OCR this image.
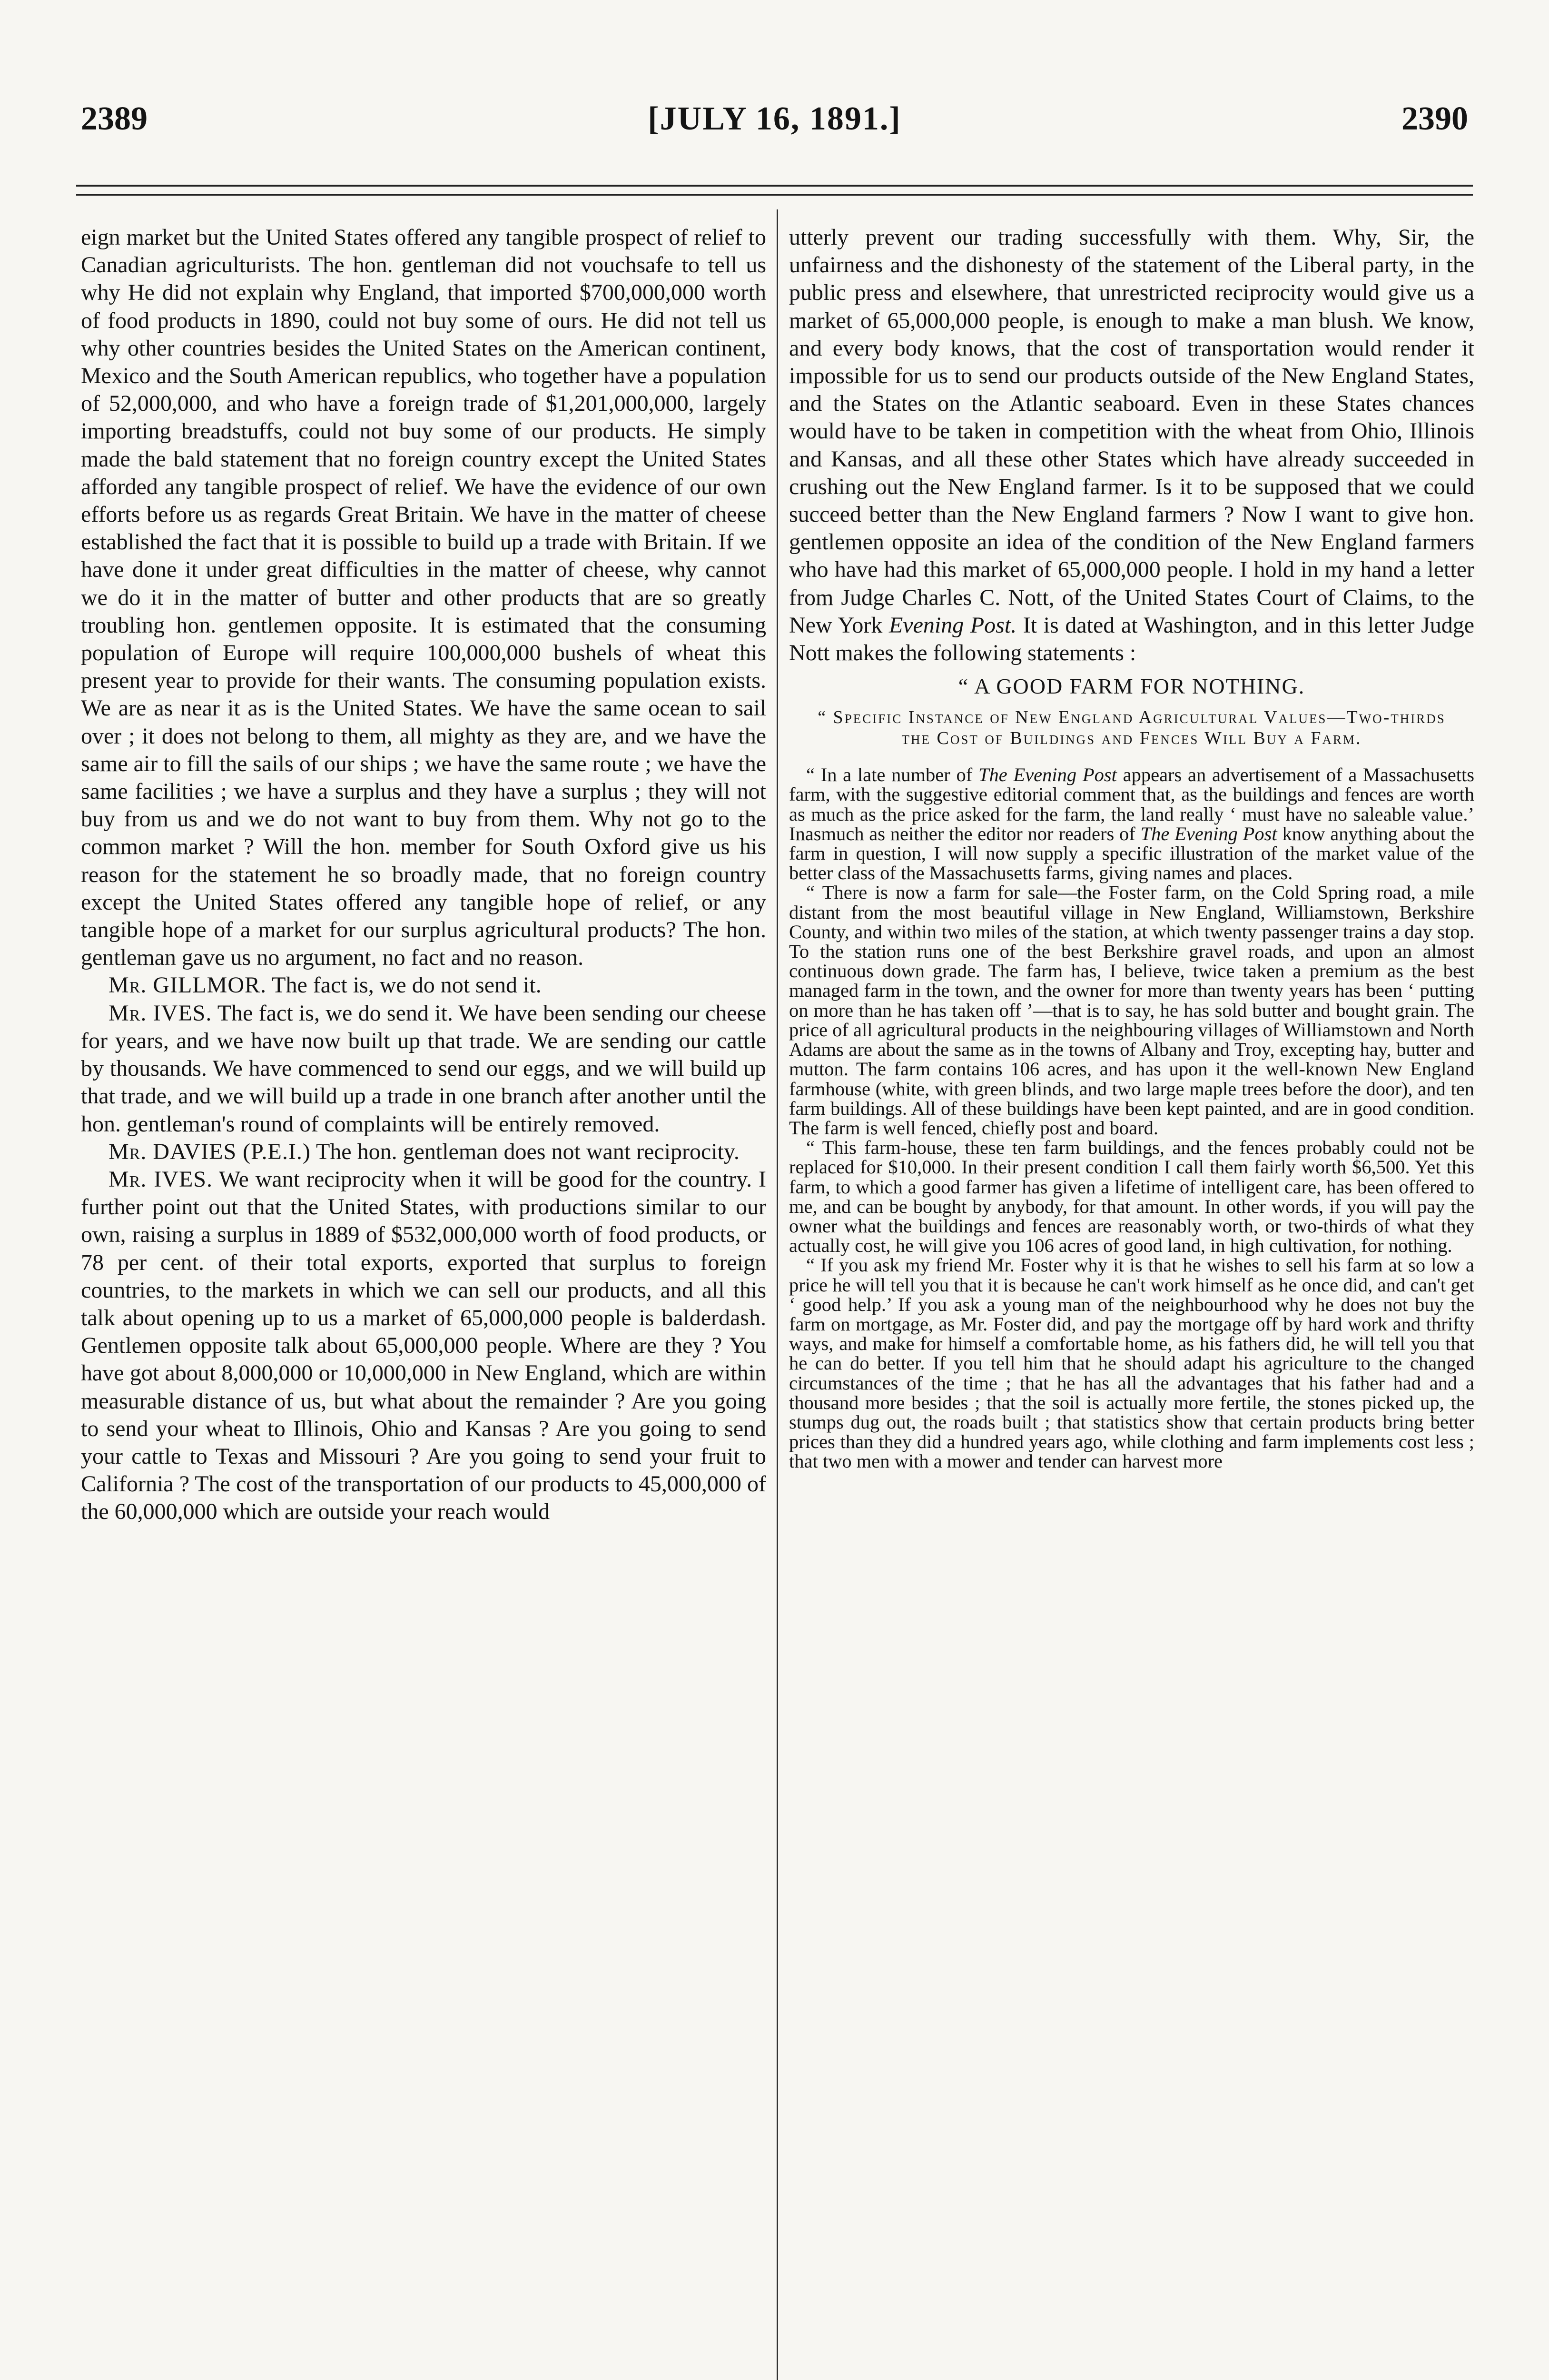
[JULY 16, 1891.]
2389	2390

eign market but the United States offered any tangible prospect of relief to Canadian agriculturists. The hon. gentleman did not vouchsafe to tell us why He did not explain why England, that imported $700,000,000 worth of food products in 1890, could not buy some of ours. He did not tell us why other countries besides the United States on the American continent, Mexico and the South American republics, who together have a population of 52,000,000, and who have a foreign trade of $1,201,000,000, largely importing breadstuffs, could not buy some of our products. He simply made the bald statement that no foreign country except the United States afforded any tangible prospect of relief. We have the evidence of our own efforts before us as regards Great Britain. We have in the matter of cheese established the fact that it is possible to build up a trade with Britain. If we have done it under great difficulties in the matter of cheese, why cannot we do it in the matter of butter and other products that are so greatly troubling hon. gentlemen opposite. It is estimated that the consuming population of Europe will require 100,000,000 bushels of wheat this present year to provide for their wants. The consuming population exists. We are as near it as is the United States. We have the same ocean to sail over ; it does not belong to them, all mighty as they are, and we have the same air to fill the sails of our ships ; we have the same route ; we have the same facilities ; we have a surplus and they have a surplus ; they will not buy from us and we do not want to buy from them. Why not go to the common market ? Will the hon. member for South Oxford give us his reason for the statement he so broadly made, that no foreign country except the United States offered any tangible hope of relief, or any tangible hope of a market for our surplus agricultural products? The hon. gentleman gave us no argument, no fact and no reason.

Mr. GILLMOR. The fact is, we do not send it.

Mr. IVES. The fact is, we do send it. We have been sending our cheese for years, and we have now built up that trade. We are sending our cattle by thousands. We have commenced to send our eggs, and we will build up that trade, and we will build up a trade in one branch after another until the hon. gentleman's round of complaints will be entirely removed.

Mr. DAVIES (P.E.I.) The hon. gentleman does not want reciprocity.

Mr. IVES. We want reciprocity when it will be good for the country. I further point out that the United States, with productions similar to our own, raising a surplus in 1889 of $532,000,000 worth of food products, or 78 per cent. of their total exports, exported that surplus to foreign countries, to the markets in which we can sell our products, and all this talk about opening up to us a market of 65,000,000 people is balderdash. Gentlemen opposite talk about 65,000,000 people. Where are they ? You have got about 8,000,000 or 10,000,000 in New England, which are within measurable distance of us, but what about the remainder ? Are you going to send your wheat to Illinois, Ohio and Kansas ? Are you going to send your cattle to Texas and Missouri ? Are you going to send your fruit to California ? The cost of the transportation of our products to 45,000,000 of the 60,000,000 which are outside your reach would

utterly prevent our trading successfully with them. Why, Sir, the unfairness and the dishonesty of the statement of the Liberal party, in the public press and elsewhere, that unrestricted reciprocity would give us a market of 65,000,000 people, is enough to make a man blush. We know, and every body knows, that the cost of transportation would render it impossible for us to send our products outside of the New England States, and the States on the Atlantic seaboard. Even in these States chances would have to be taken in competition with the wheat from Ohio, Illinois and Kansas, and all these other States which have already succeeded in crushing out the New England farmer. Is it to be supposed that we could succeed better than the New England farmers ? Now I want to give hon. gentlemen opposite an idea of the condition of the New England farmers who have had this market of 65,000,000 people. I hold in my hand a letter from Judge Charles C. Nott, of the United States Court of Claims, to the New York Evening Post. It is dated at Washington, and in this letter Judge Nott makes the following statements :

“ A GOOD FARM FOR NOTHING.
“ Specific Instance of New England Agricultural Values—Two-thirds the Cost of Buildings and Fences Will Buy a Farm.

“ In a late number of The Evening Post appears an advertisement of a Massachusetts farm, with the suggestive editorial comment that, as the buildings and fences are worth as much as the price asked for the farm, the land really ‘ must have no saleable value.’ Inasmuch as neither the editor nor readers of The Evening Post know anything about the farm in question, I will now supply a specific illustration of the market value of the better class of the Massachusetts farms, giving names and places.

“ There is now a farm for sale—the Foster farm, on the Cold Spring road, a mile distant from the most beautiful village in New England, Williamstown, Berkshire County, and within two miles of the station, at which twenty passenger trains a day stop. To the station runs one of the best Berkshire gravel roads, and upon an almost continuous down grade. The farm has, I believe, twice taken a premium as the best managed farm in the town, and the owner for more than twenty years has been ‘ putting on more than he has taken off ’—that is to say, he has sold butter and bought grain. The price of all agricultural products in the neighbouring villages of Williamstown and North Adams are about the same as in the towns of Albany and Troy, excepting hay, butter and mutton. The farm contains 106 acres, and has upon it the well-known New England farmhouse (white, with green blinds, and two large maple trees before the door), and ten farm buildings. All of these buildings have been kept painted, and are in good condition. The farm is well fenced, chiefly post and board.

“ This farm-house, these ten farm buildings, and the fences probably could not be replaced for $10,000. In their present condition I call them fairly worth $6,500. Yet this farm, to which a good farmer has given a lifetime of intelligent care, has been offered to me, and can be bought by anybody, for that amount. In other words, if you will pay the owner what the buildings and fences are reasonably worth, or two-thirds of what they actually cost, he will give you 106 acres of good land, in high cultivation, for nothing.

“ If you ask my friend Mr. Foster why it is that he wishes to sell his farm at so low a price he will tell you that it is because he can't work himself as he once did, and can't get ‘ good help.’ If you ask a young man of the neighbourhood why he does not buy the farm on mortgage, as Mr. Foster did, and pay the mortgage off by hard work and thrifty ways, and make for himself a comfortable home, as his fathers did, he will tell you that he can do better. If you tell him that he should adapt his agriculture to the changed circumstances of the time ; that he has all the advantages that his father had and a thousand more besides ; that the soil is actually more fertile, the stones picked up, the stumps dug out, the roads built ; that statistics show that certain products bring better prices than they did a hundred years ago, while clothing and farm implements cost less ; that two men with a mower and tender can harvest more
